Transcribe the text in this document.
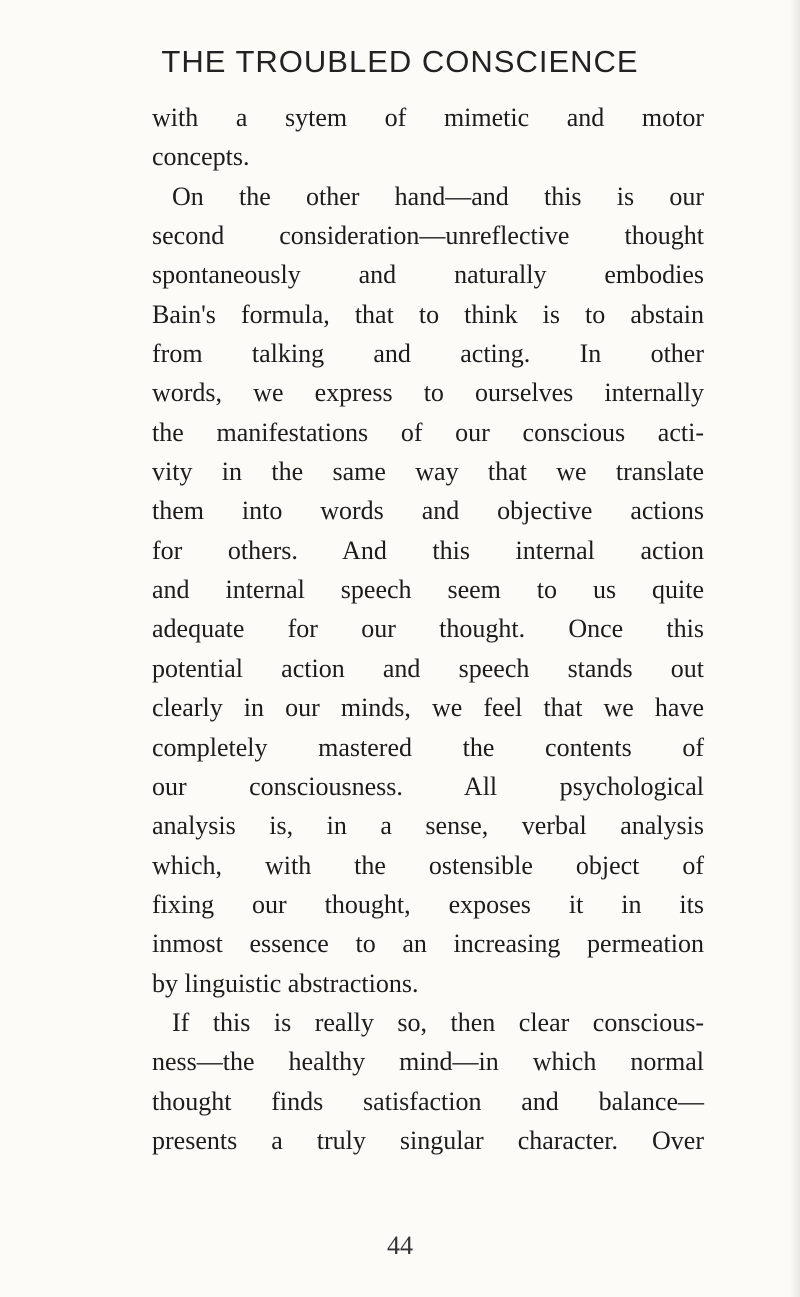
THE TROUBLED CONSCIENCE
with a sytem of mimetic and motor
concepts.
On the other hand—and this is our
second consideration—unreflective thought
spontaneously and naturally embodies
Bain's formula, that to think is to abstain
from talking and acting. In other
words, we express to ourselves internally
the manifestations of our conscious acti-
vity in the same way that we translate
them into words and objective actions
for others. And this internal action
and internal speech seem to us quite
adequate for our thought. Once this
potential action and speech stands out
clearly in our minds, we feel that we have
completely mastered the contents of
our consciousness. All psychological
analysis is, in a sense, verbal analysis
which, with the ostensible object of
fixing our thought, exposes it in its
inmost essence to an increasing permeation
by linguistic abstractions.
If this is really so, then clear conscious-
ness—the healthy mind—in which normal
thought finds satisfaction and balance—
presents a truly singular character. Over
44
